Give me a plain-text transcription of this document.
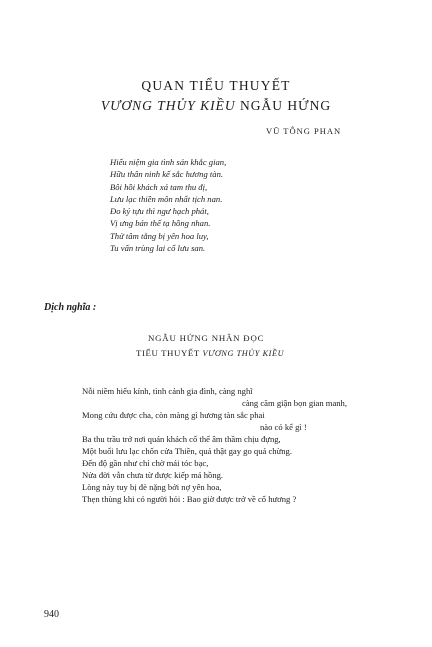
QUAN TIỂU THUYẾT
VƯƠNG THỦY KIỀU NGẪU HỨNG
VŨ TÔNG PHAN
Hiếu niệm gia tình sán khắc gian,
Hữu thân ninh kế sắc hương tàn.
Bôi hồi khách xá tam thu đị,
Lưu lạc thiền môn nhất tịch nan.
Đo kỷ tựu thì ngư hạch phát,
Vị ưng bán thế tạ hồng nhan.
Thử tâm tằng bị yên hoa luy,
Tu vấn trùng lai cố lưu san.
Dịch nghĩa :
NGẪU HỨNG NHÂN ĐỌC
TIỂU THUYẾT VƯƠNG THỦY KIỀU
Nỗi niềm hiếu kính, tình cảnh gia đình, càng nghĩ
càng căm giận bọn gian manh,
Mong cứu được cha, còn màng gì hương tàn sắc phai
nào có kể gì !
Ba thu trầu trở nơi quán khách cố thể âm thầm chịu đựng,
Một buổi lưu lạc chốn cửa Thiền, quả thật gay go quá chừng.
Đến độ gần như chỉ chờ mái tóc bạc,
Nửa đời vẫn chưa từ được kiếp má hồng.
Lòng này tuy bị đè nặng bởi nợ yên hoa,
Thẹn thùng khi có người hỏi : Bao giờ được trở về cố hương ?
940
